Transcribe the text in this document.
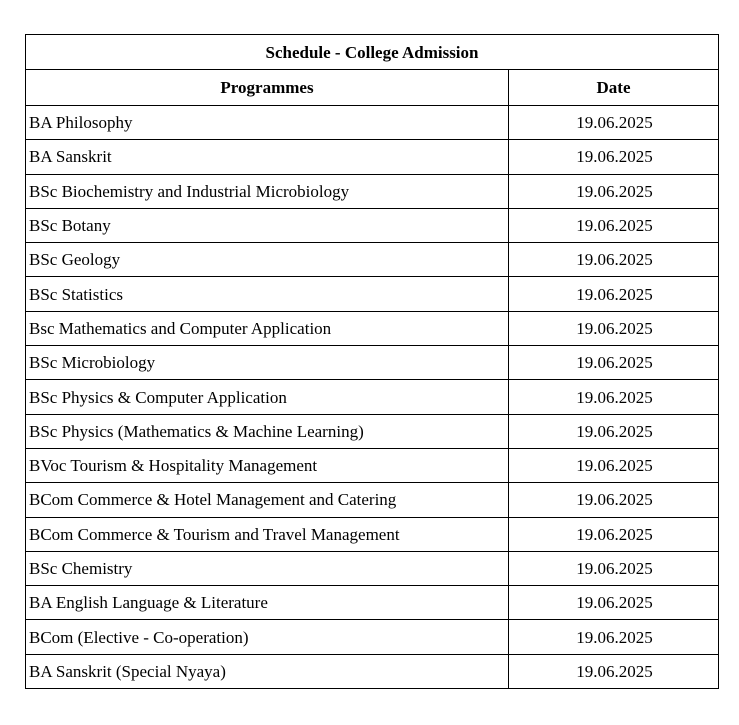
Schedule - College Admission	
Programmes	Date
BA Philosophy	19.06.2025
BA Sanskrit	19.06.2025
BSc Biochemistry and Industrial Microbiology	19.06.2025
BSc Botany	19.06.2025
BSc Geology	19.06.2025
BSc Statistics	19.06.2025
Bsc Mathematics and Computer Application	19.06.2025
BSc Microbiology	19.06.2025
BSc Physics & Computer Application	19.06.2025
BSc Physics (Mathematics & Machine Learning)	19.06.2025
BVoc Tourism & Hospitality Management	19.06.2025
BCom Commerce & Hotel Management and Catering	19.06.2025
BCom Commerce & Tourism and Travel Management	19.06.2025
BSc Chemistry	19.06.2025
BA English Language & Literature	19.06.2025
BCom (Elective - Co-operation)	19.06.2025
BA Sanskrit (Special Nyaya)	19.06.2025
